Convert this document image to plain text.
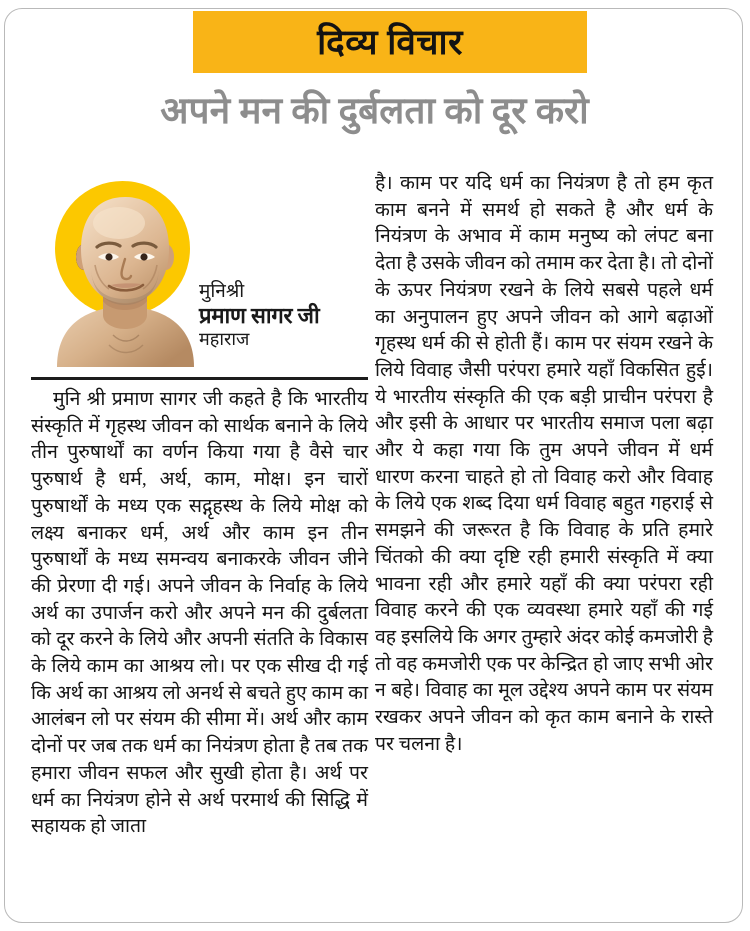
दिव्य विचार
अपने मन की दुर्बलता को दूर करो
मुनिश्री
प्रमाण सागर जी
महाराज
मुनि श्री प्रमाण सागर जी कहते है कि भारतीय संस्कृति में गृहस्थ जीवन को सार्थक बनाने के लिये तीन पुरुषार्थों का वर्णन किया गया है वैसे चार पुरुषार्थ है धर्म, अर्थ, काम, मोक्ष। इन चारों पुरुषार्थों के मध्य एक सद्गृहस्थ के लिये मोक्ष को लक्ष्य बनाकर धर्म, अर्थ और काम इन तीन पुरुषार्थों के मध्य समन्वय बनाकरके जीवन जीने की प्रेरणा दी गई। अपने जीवन के निर्वाह के लिये अर्थ का उपार्जन करो और अपने मन की दुर्बलता को दूर करने के लिये और अपनी संतति के विकास के लिये काम का आश्रय लो। पर एक सीख दी गई कि अर्थ का आश्रय लो अनर्थ से बचते हुए काम का आलंबन लो पर संयम की सीमा में। अर्थ और काम दोनों पर जब तक धर्म का नियंत्रण होता है तब तक हमारा जीवन सफल और सुखी होता है। अर्थ पर धर्म का नियंत्रण होने से अर्थ परमार्थ की सिद्धि में सहायक हो जाता
है। काम पर यदि धर्म का नियंत्रण है तो हम कृत काम बनने में समर्थ हो सकते है और धर्म के नियंत्रण के अभाव में काम मनुष्य को लंपट बना देता है उसके जीवन को तमाम कर देता है। तो दोनों के ऊपर नियंत्रण रखने के लिये सबसे पहले धर्म का अनुपालन हुए अपने जीवन को आगे बढ़ाओं गृहस्थ धर्म की से होती हैं। काम पर संयम रखने के लिये विवाह जैसी परंपरा हमारे यहाँ विकसित हुई। ये भारतीय संस्कृति की एक बड़ी प्राचीन परंपरा है और इसी के आधार पर भारतीय समाज पला बढ़ा और ये कहा गया कि तुम अपने जीवन में धर्म धारण करना चाहते हो तो विवाह करो और विवाह के लिये एक शब्द दिया धर्म विवाह बहुत गहराई से समझने की जरूरत है कि विवाह के प्रति हमारे चिंतको की क्या दृष्टि रही हमारी संस्कृति में क्या भावना रही और हमारे यहाँ की क्या परंपरा रही विवाह करने की एक व्यवस्था हमारे यहाँ की गई वह इसलिये कि अगर तुम्हारे अंदर कोई कमजोरी है तो वह कमजोरी एक पर केन्द्रित हो जाए सभी ओर न बहे। विवाह का मूल उद्देश्य अपने काम पर संयम रखकर अपने जीवन को कृत काम बनाने के रास्ते पर चलना है।
